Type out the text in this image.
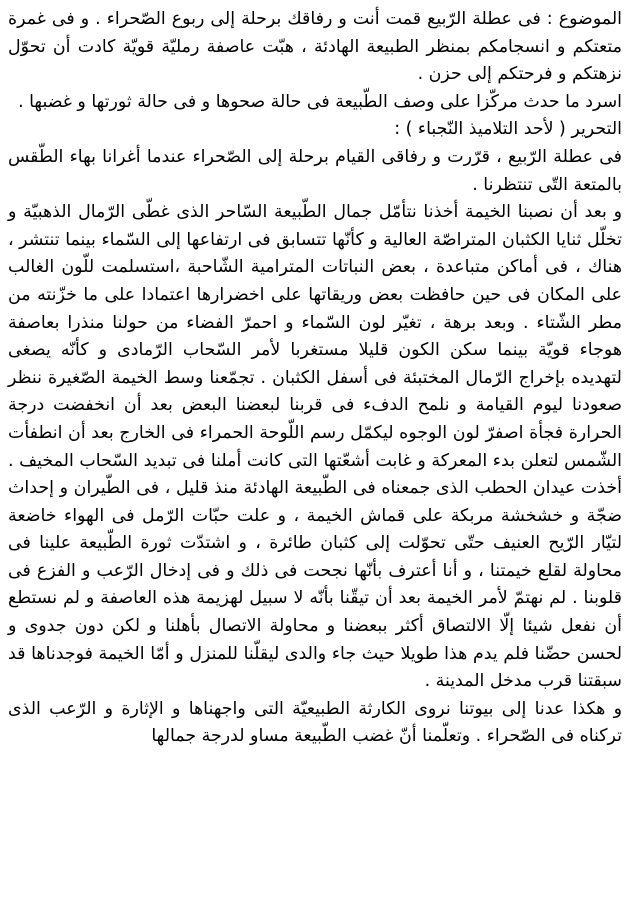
الموضوع : فى عطلة الرّبيع قمت أنت و رفاقك برحلة إلى ربوع الصّحراء . و فى غمرة متعتكم و انسجامكم بمنظر الطبيعة الهادئة ، هبّت عاصفة رمليّة قويّة كادت أن تحوّل نزهتكم و فرحتكم إلى حزن .

اسرد ما حدث مركّزا على وصف الطّبيعة فى حالة صحوها و فى حالة ثورتها و غضبها .

التحرير ( لأحد التلاميذ النّجباء ) :

فى عطلة الرّبيع ، قرّرت و رفاقى القيام برحلة إلى الصّحراء عندما أغرانا بهاء الطّقس بالمتعة التّى تنتظرنا .

و بعد أن نصبنا الخيمة أخذنا نتأمّل جمال الطّبيعة السّاحر الذى غطّى الرّمال الذهبيّة و تخلّل ثنايا الكثبان المتراصّة العالية و كأنّها تتسابق فى ارتفاعها إلى السّماء بينما تنتشر ، هناك ، فى أماكن متباعدة ، بعض النباتات المترامية الشّاحبة ،استسلمت للّون الغالب على المكان فى حين حافظت بعض وريقاتها على اخضرارها اعتمادا على ما خزّنته من مطر الشّتاء . وبعد برهة ، تغيّر لون السّماء و احمرّ الفضاء من حولنا منذرا بعاصفة هوجاء قويّة بينما سكن الكون قليلا مستغربا لأمر السّحاب الرّمادى و كأنّه يصغى لتهديده بإخراج الرّمال المختبئة فى أسفل الكثبان . تجمّعنا وسط الخيمة الصّغيرة ننظر صعودنا ليوم القيامة و نلمح الدفء فى قربنا لبعضنا البعض بعد أن انخفضت درجة الحرارة فجأة اصفرّ لون الوجوه ليكمّل رسم اللّوحة الحمراء فى الخارج بعد أن انطفأت الشّمس لتعلن بدء المعركة و غابت أشعّتها التى كانت أملنا فى تبديد السّحاب المخيف . أخذت عيدان الحطب الذى جمعناه فى الطّبيعة الهادئة منذ قليل ، فى الطّيران و إحداث ضجّة و خشخشة مربكة على قماش الخيمة ، و علت حبّات الرّمل فى الهواء خاضعة لتيّار الرّيح العنيف حتّى تحوّلت إلى كثبان طائرة ، و اشتدّت ثورة الطّبيعة علينا فى محاولة لقلع خيمتنا ، و أنا أعترف بأنّها نجحت فى ذلك و فى إدخال الرّعب و الفزع فى قلوبنا . لم نهتمّ لأمر الخيمة بعد أن تيقّنا بأنّه لا سبيل لهزيمة هذه العاصفة و لم نستطع أن نفعل شيئا إلّا الالتصاق أكثر ببعضنا و محاولة الاتصال بأهلنا و لكن دون جدوى و لحسن حضّنا فلم يدم هذا طويلا حيث جاء والدى ليقلّنا للمنزل و أمّا الخيمة فوجدناها قد سبقتنا قرب مدخل المدينة .

و هكذا عدنا إلى بيوتنا نروى الكارثة الطبيعيّة التى واجهناها و الإثارة و الرّعب الذى تركناه فى الصّحراء . وتعلّمنا أنّ غضب الطّبيعة مساو لدرجة جمالها
